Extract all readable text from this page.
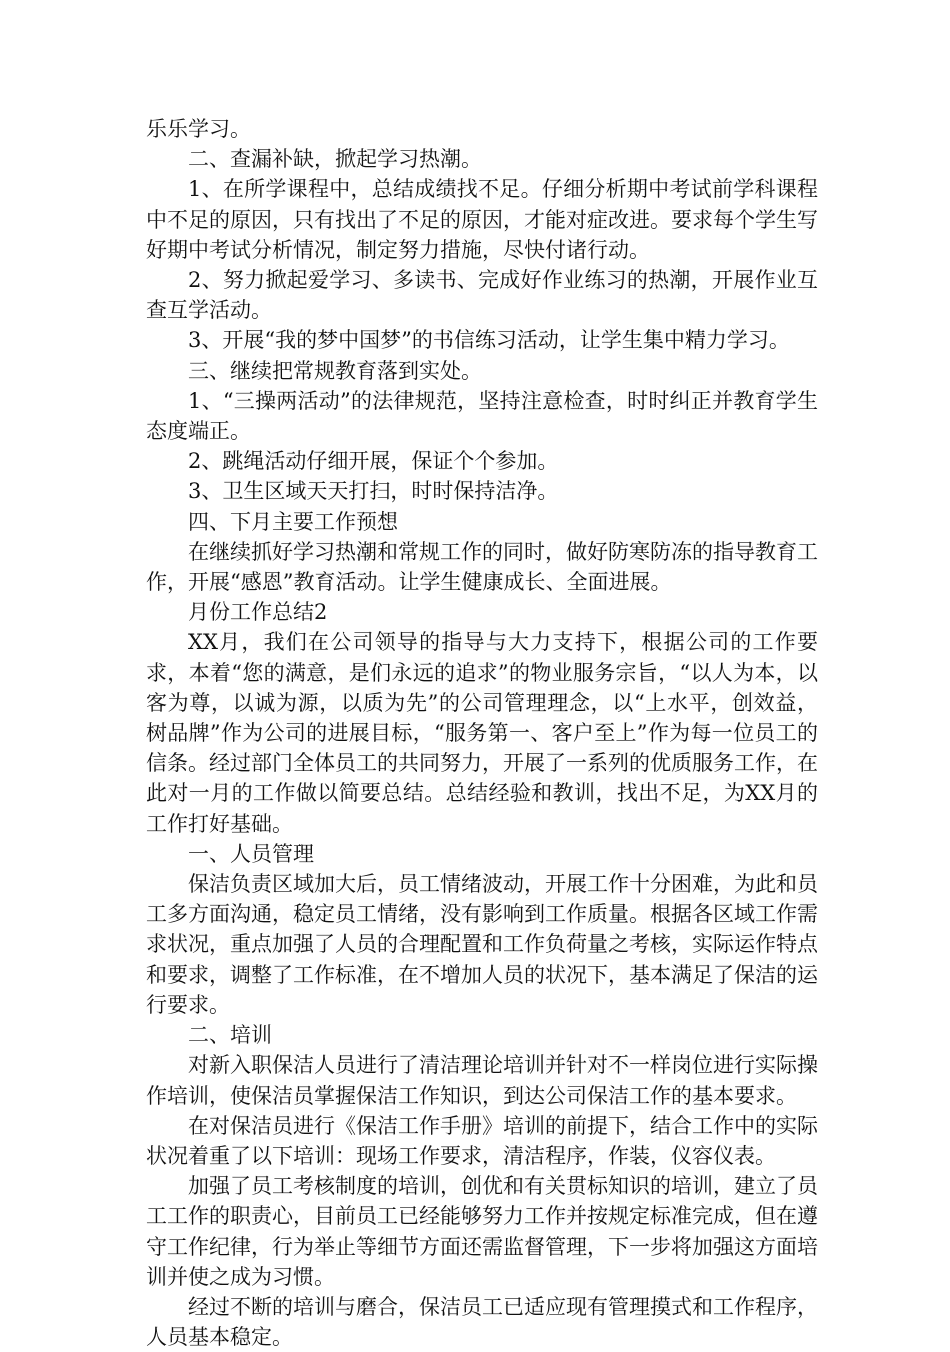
乐乐学习。

二、查漏补缺，掀起学习热潮。

1、在所学课程中，总结成绩找不足。仔细分析期中考试前学科课程中不足的原因，只有找出了不足的原因，才能对症改进。要求每个学生写好期中考试分析情况，制定努力措施，尽快付诸行动。

2、努力掀起爱学习、多读书、完成好作业练习的热潮，开展作业互查互学活动。

3、开展“我的梦中国梦”的书信练习活动，让学生集中精力学习。

三、继续把常规教育落到实处。

1、“三操两活动”的法律规范，坚持注意检查，时时纠正并教育学生态度端正。

2、跳绳活动仔细开展，保证个个参加。

3、卫生区域天天打扫，时时保持洁净。

四、下月主要工作预想

在继续抓好学习热潮和常规工作的同时，做好防寒防冻的指导教育工作，开展“感恩”教育活动。让学生健康成长、全面进展。

月份工作总结2

XX月，我们在公司领导的指导与大力支持下，根据公司的工作要求，本着“您的满意，是们永远的追求”的物业服务宗旨，“以人为本，以客为尊，以诚为源，以质为先”的公司管理理念，以“上水平，创效益，树品牌”作为公司的进展目标，“服务第一、客户至上”作为每一位员工的信条。经过部门全体员工的共同努力，开展了一系列的优质服务工作，在此对一月的工作做以简要总结。总结经验和教训，找出不足，为XX月的工作打好基础。

一、人员管理

保洁负责区域加大后，员工情绪波动，开展工作十分困难，为此和员工多方面沟通，稳定员工情绪，没有影响到工作质量。根据各区域工作需求状况，重点加强了人员的合理配置和工作负荷量之考核，实际运作特点和要求，调整了工作标准，在不增加人员的状况下，基本满足了保洁的运行要求。

二、培训

对新入职保洁人员进行了清洁理论培训并针对不一样岗位进行实际操作培训，使保洁员掌握保洁工作知识，到达公司保洁工作的基本要求。

在对保洁员进行《保洁工作手册》培训的前提下，结合工作中的实际状况着重了以下培训：现场工作要求，清洁程序，作装，仪容仪表。

加强了员工考核制度的培训，创优和有关贯标知识的培训，建立了员工工作的职责心，目前员工已经能够努力工作并按规定标准完成，但在遵守工作纪律，行为举止等细节方面还需监督管理，下一步将加强这方面培训并使之成为习惯。

经过不断的培训与磨合，保洁员工已适应现有管理摸式和工作程序，人员基本稳定。
